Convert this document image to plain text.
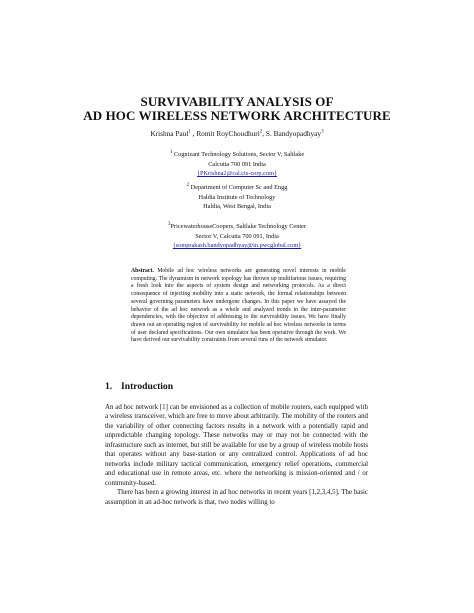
SURVIVABILITY ANALYSIS OF
AD HOC WIRELESS NETWORK ARCHITECTURE
Krishna Paul$^1$ , Romit RoyChoudhuri$^2$, S. Bandyopadhyay$^3$
$^1$ Cognizant Technology Solutions, Sector V, Saltlake
Calcutta 700 091 India
{PKrishna2@cal.cts-corp.com}
$^2$ Department of Computer Sc and Engg
Haldia Institute of Technology
Haldia, West Bengal, India
$^3$PricewaterhouseCoopers, Saltlake Technology Center
Sector V, Calcutta 700 091, India
{somprakash.bandyopadhyay@in.pwcglobal.com}
Abstract. Mobile ad hoc wireless networks are generating novel interests in mobile computing. The dynamism in network topology has thrown up multifarious issues, requiring a fresh look into the aspects of system design and networking protocols. As a direct consequence of injecting mobility into a static network, the formal relationships between several governing parameters have undergone changes. In this paper we have assayed the behavior of the ad hoc network as a whole and analyzed trends in the inter-parameter dependencies, with the objective of addressing to the survivability issues. We have finally drawn out an operating region of survivability for mobile ad hoc wireless networks in terms of user declared specifications. Our own simulator has been operative through the work. We have derived our survivability constraints from several runs of the network simulator.
1. Introduction

An ad hoc network [1] can be envisioned as a collection of mobile routers, each equipped with a wireless transceiver, which are free to move about arbitrarily. The mobility of the routers and the variability of other connecting factors results in a network with a potentially rapid and unpredictable changing topology. These networks may or may not be connected with the infrastructure such as internet, but still be available for use by a group of wireless mobile hosts that operates without any base-station or any centralized control. Applications of ad hoc networks include military tactical communication, emergency relief operations, commercial and educational use in remote areas, etc. where the networking is mission-oriented and / or community-based.

There has been a growing interest in ad hoc networks in recent years [1,2,3,4,5]. The basic assumption in an ad-hoc network is that, two nodes willing to
